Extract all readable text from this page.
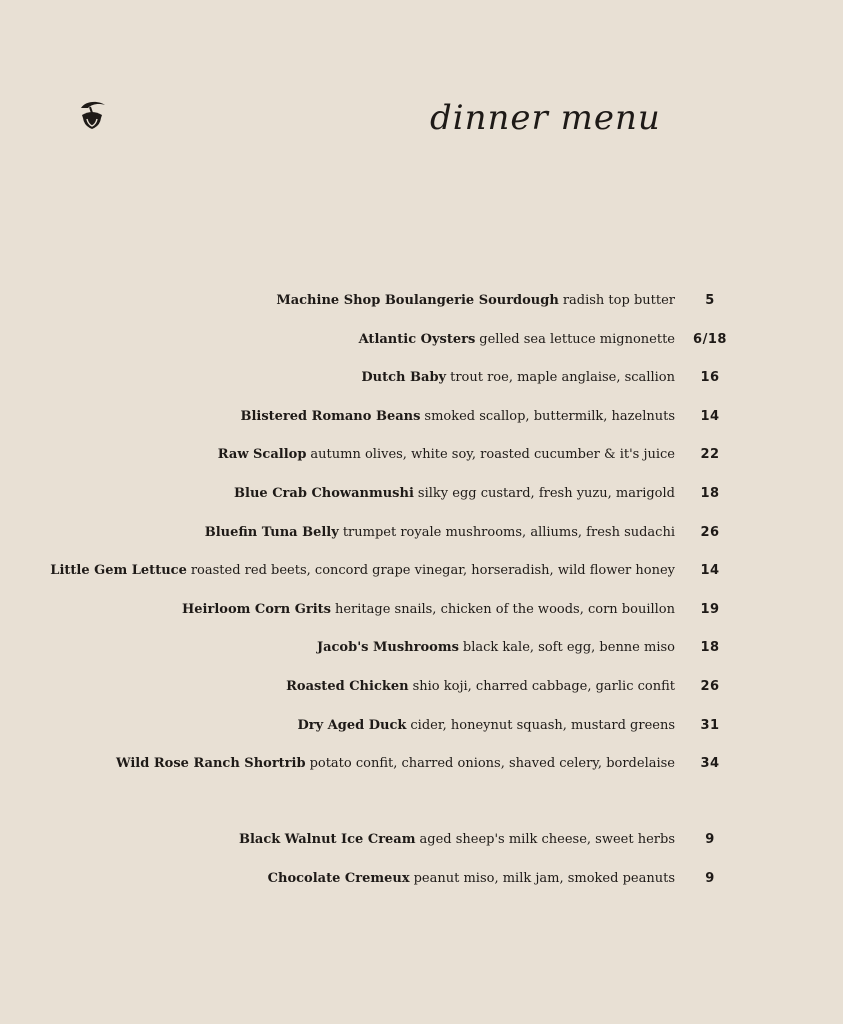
dinner menu
Machine Shop Boulangerie Sourdough radish top butter	5
Atlantic Oysters gelled sea lettuce mignonette 6/18
Dutch Baby trout roe, maple anglaise, scallion	16
Blistered Romano Beans smoked scallop, buttermilk, hazelnuts	14
Raw Scallop autumn olives, white soy, roasted cucumber & it's juice	22
Blue Crab Chowanmushi silky egg custard, fresh yuzu, marigold	18
Bluefin Tuna Belly trumpet royale mushrooms, alliums, fresh sudachi	26
Little Gem Lettuce roasted red beets, concord grape vinegar, horseradish, wild flower honey	14
Heirloom Corn Grits heritage snails, chicken of the woods, corn bouillon	19
Jacob's Mushrooms black kale, soft egg, benne miso	18
Roasted Chicken shio koji, charred cabbage, garlic confit	26
Dry Aged Duck cider, honeynut squash, mustard greens	31
Wild Rose Ranch Shortrib potato confit, charred onions, shaved celery, bordelaise	34
Black Walnut Ice Cream aged sheep's milk cheese, sweet herbs	9
Chocolate Cremeux peanut miso, milk jam, smoked peanuts	9
